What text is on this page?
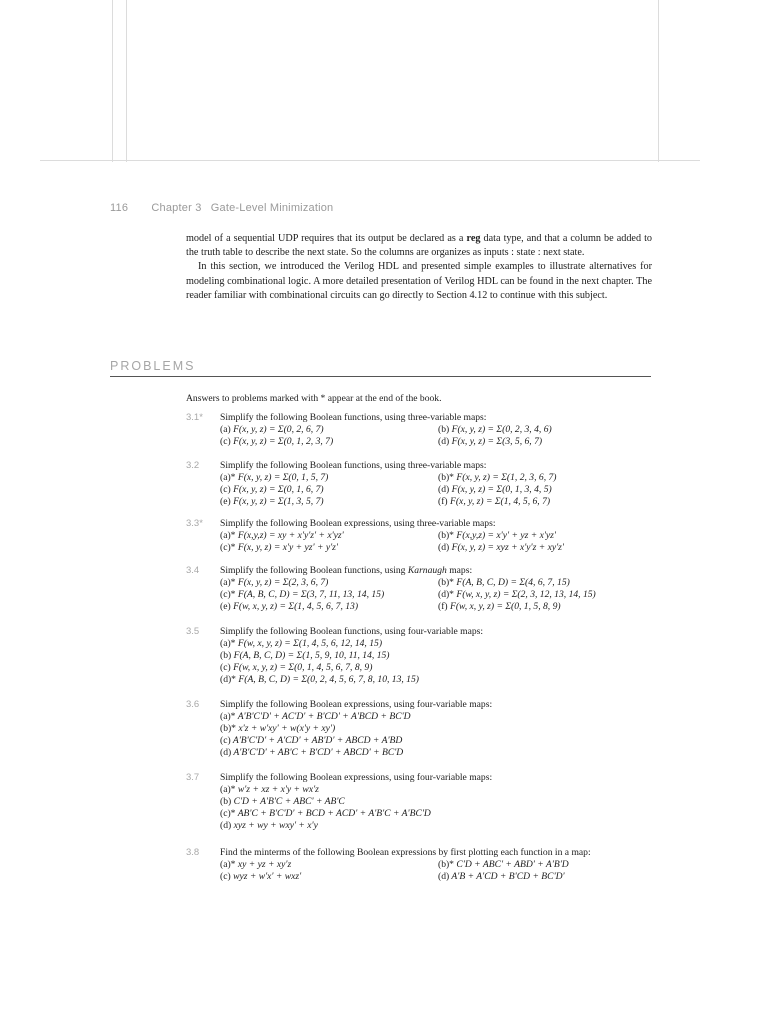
116 Chapter 3 Gate-Level Minimization

model of a sequential UDP requires that its output be declared as a reg data type, and that a column be added to the truth table to describe the next state. So the columns are organizes as inputs : state : next state.

In this section, we introduced the Verilog HDL and presented simple examples to illustrate alternatives for modeling combinational logic. A more detailed presentation of Verilog HDL can be found in the next chapter. The reader familiar with combinational circuits can go directly to Section 4.12 to continue with this subject.

PROBLEMS
Answers to problems marked with * appear at the end of the book.
3.1* Simplify the following Boolean functions, using three-variable maps:
(a) F(x, y, z) = Σ(0, 2, 6, 7)	(b) F(x, y, z) = Σ(0, 2, 3, 4, 6)
(c) F(x, y, z) = Σ(0, 1, 2, 3, 7)	(d) F(x, y, z) = Σ(3, 5, 6, 7)
3.2 Simplify the following Boolean functions, using three-variable maps:
(a)* F(x, y, z) = Σ(0, 1, 5, 7)	(b)* F(x, y, z) = Σ(1, 2, 3, 6, 7)
(c) F(x, y, z) = Σ(0, 1, 6, 7)	(d) F(x, y, z) = Σ(0, 1, 3, 4, 5)
(e) F(x, y, z) = Σ(1, 3, 5, 7)	(f) F(x, y, z) = Σ(1, 4, 5, 6, 7)
3.3* Simplify the following Boolean expressions, using three-variable maps:
(a)* F(x,y,z) = xy + x'y'z' + x'yz'	(b)* F(x,y,z) = x'y' + yz + x'yz'
(c)* F(x, y, z) = x'y + yz' + y'z'	(d) F(x, y, z) = xyz + x'y'z + xy'z'
3.4 Simplify the following Boolean functions, using Karnaugh maps:
(a)* F(x, y, z) = Σ(2, 3, 6, 7)	(b)* F(A, B, C, D) = Σ(4, 6, 7, 15)
(c)* F(A, B, C, D) = Σ(3, 7, 11, 13, 14, 15)	(d)* F(w, x, y, z) = Σ(2, 3, 12, 13, 14, 15)
(e) F(w, x, y, z) = Σ(1, 4, 5, 6, 7, 13)	(f) F(w, x, y, z) = Σ(0, 1, 5, 8, 9)
3.5 Simplify the following Boolean functions, using four-variable maps:
(a)* F(w, x, y, z) = Σ(1, 4, 5, 6, 12, 14, 15)
(b) F(A, B, C, D) = Σ(1, 5, 9, 10, 11, 14, 15)
(c) F(w, x, y, z) = Σ(0, 1, 4, 5, 6, 7, 8, 9)
(d)* F(A, B, C, D) = Σ(0, 2, 4, 5, 6, 7, 8, 10, 13, 15)
3.6 Simplify the following Boolean expressions, using four-variable maps:
(a)* A'B'C'D' + AC'D' + B'CD' + A'BCD + BC'D
(b)* x'z + w'xy' + w(x'y + xy')
(c) A'B'C'D' + A'CD' + AB'D' + ABCD + A'BD
(d) A'B'C'D' + AB'C + B'CD' + ABCD' + BC'D
3.7 Simplify the following Boolean expressions, using four-variable maps:
(a)* w'z + xz + x'y + wx'z
(b) C'D + A'B'C + ABC' + AB'C
(c)* AB'C + B'C'D' + BCD + ACD' + A'B'C + A'BC'D
(d) xyz + wy + wxy' + x'y
3.8 Find the minterms of the following Boolean expressions by first plotting each function in a map:
(a)* xy + yz + xy'z	(b)* C'D + ABC' + ABD' + A'B'D
(c) wyz + w'x' + wxz'	(d) A'B + A'CD + B'CD + BC'D'
